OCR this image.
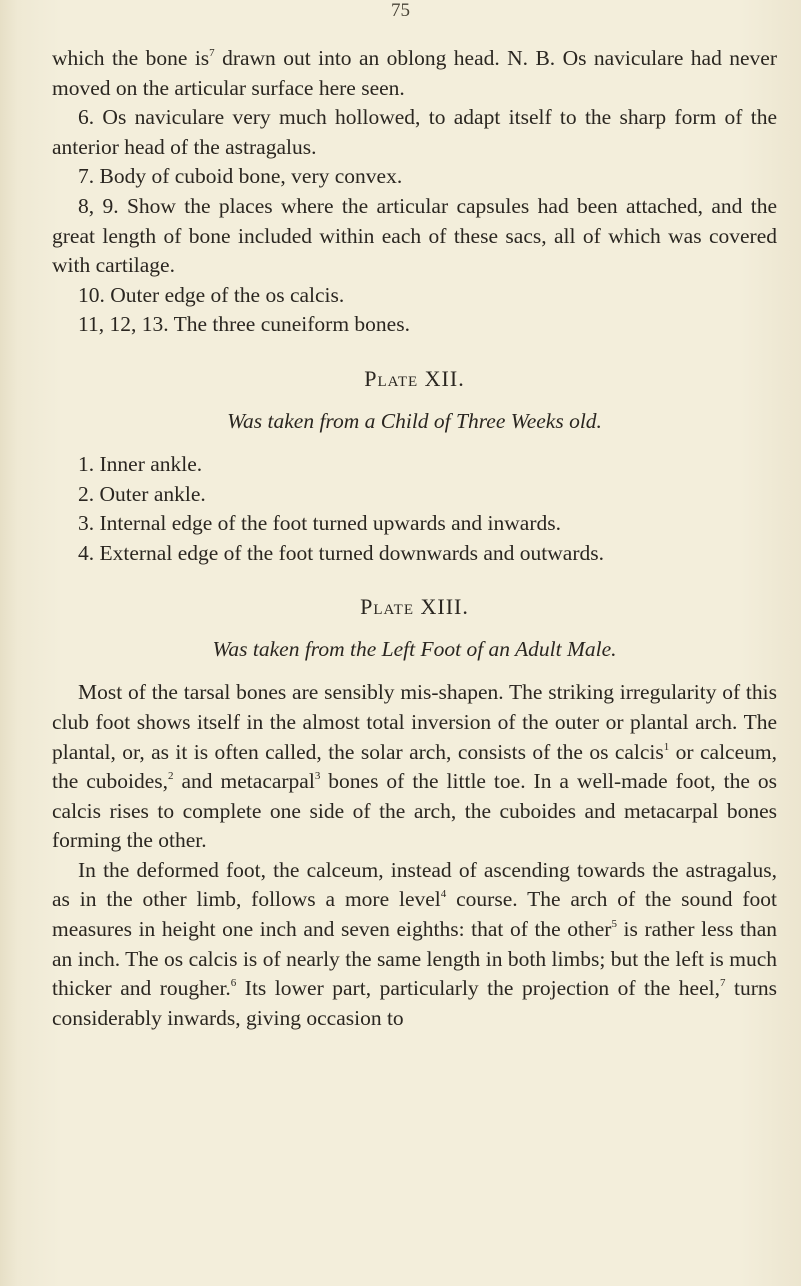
75

which the bone $is^7$ drawn out into an oblong head. N. B. Os naviculare had never moved on the articular surface here seen.

6. Os naviculare very much hollowed, to adapt itself to the sharp form of the anterior head of the astragalus.

7. Body of cuboid bone, very convex.

8, 9. Show the places where the articular capsules had been attached, and the great length of bone included within each of these sacs, all of which was covered with cartilage.

10. Outer edge of the os calcis.

11, 12, 13. The three cuneiform bones.

Plate XII.
Was taken from a Child of Three Weeks old.

1. Inner ankle.

2. Outer ankle.

3. Internal edge of the foot turned upwards and inwards.

4. External edge of the foot turned downwards and outwards.

Plate XIII.
Was taken from the Left Foot of an Adult Male.

Most of the tarsal bones are sensibly mis-shapen. The striking irregularity of this club foot shows itself in the almost total inversion of the outer or plantal arch. The plantal, or, as it is often called, the solar arch, consists of the os calcis$^1$ or calceum, the cuboides,$^2$ and metacarpal$^3$ bones of the little toe. In a well-made foot, the os calcis rises to complete one side of the arch, the cuboides and metacarpal bones forming the other.

In the deformed foot, the calceum, instead of ascending towards the astragalus, as in the other limb, follows a more level$^4$ course. The arch of the sound foot measures in height one inch and seven eighths: that of the other$^5$ is rather less than an inch. The os calcis is of nearly the same length in both limbs; but the left is much thicker and rougher.$^6$ Its lower part, particularly the projection of the heel,$^7$ turns considerably inwards, giving occasion to
